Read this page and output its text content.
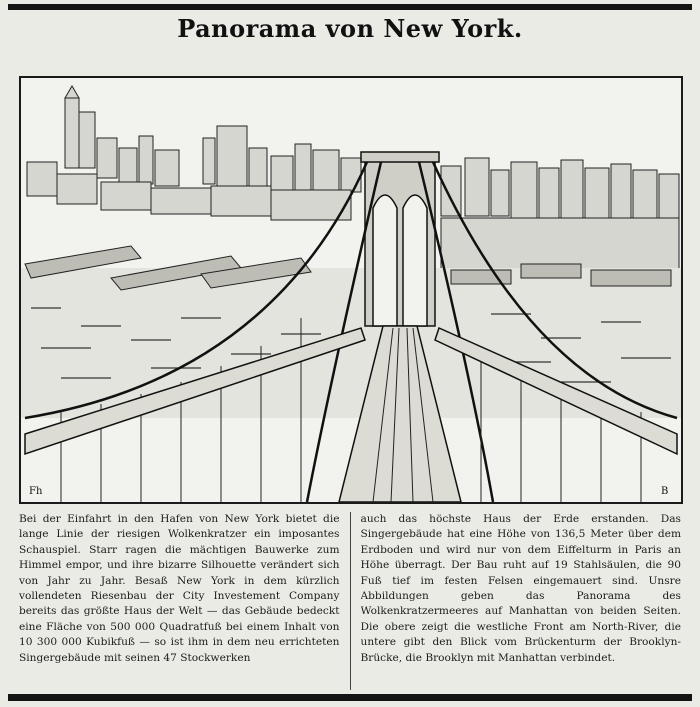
Panorama von New York.
Fh	B
Bei der Einfahrt in den Hafen von New York bietet die lange Linie der riesigen Wolkenkratzer ein imposantes Schauspiel. Starr ragen die mächtigen Bauwerke zum Himmel empor, und ihre bizarre Silhouette verändert sich von Jahr zu Jahr. Besaß New York in dem kürzlich vollendeten Riesenbau der City Investement Company bereits das größte Haus der Welt — das Gebäude bedeckt eine Fläche von 500 000 Quadratfuß bei einem Inhalt von 10 300 000 Kubikfuß — so ist ihm in dem neu errichteten Singergebäude mit seinen 47 Stockwerken
auch das höchste Haus der Erde erstanden. Das Singergebäude hat eine Höhe von 136,5 Meter über dem Erdboden und wird nur von dem Eiffelturm in Paris an Höhe überragt. Der Bau ruht auf 19 Stahlsäulen, die 90 Fuß tief im festen Felsen eingemauert sind. Unsre Abbildungen geben das Panorama des Wolkenkratzermeeres auf Manhattan von beiden Seiten. Die obere zeigt die westliche Front am North-River, die untere gibt den Blick vom Brückenturm der Brooklyn-Brücke, die Brooklyn mit Manhattan verbindet.
